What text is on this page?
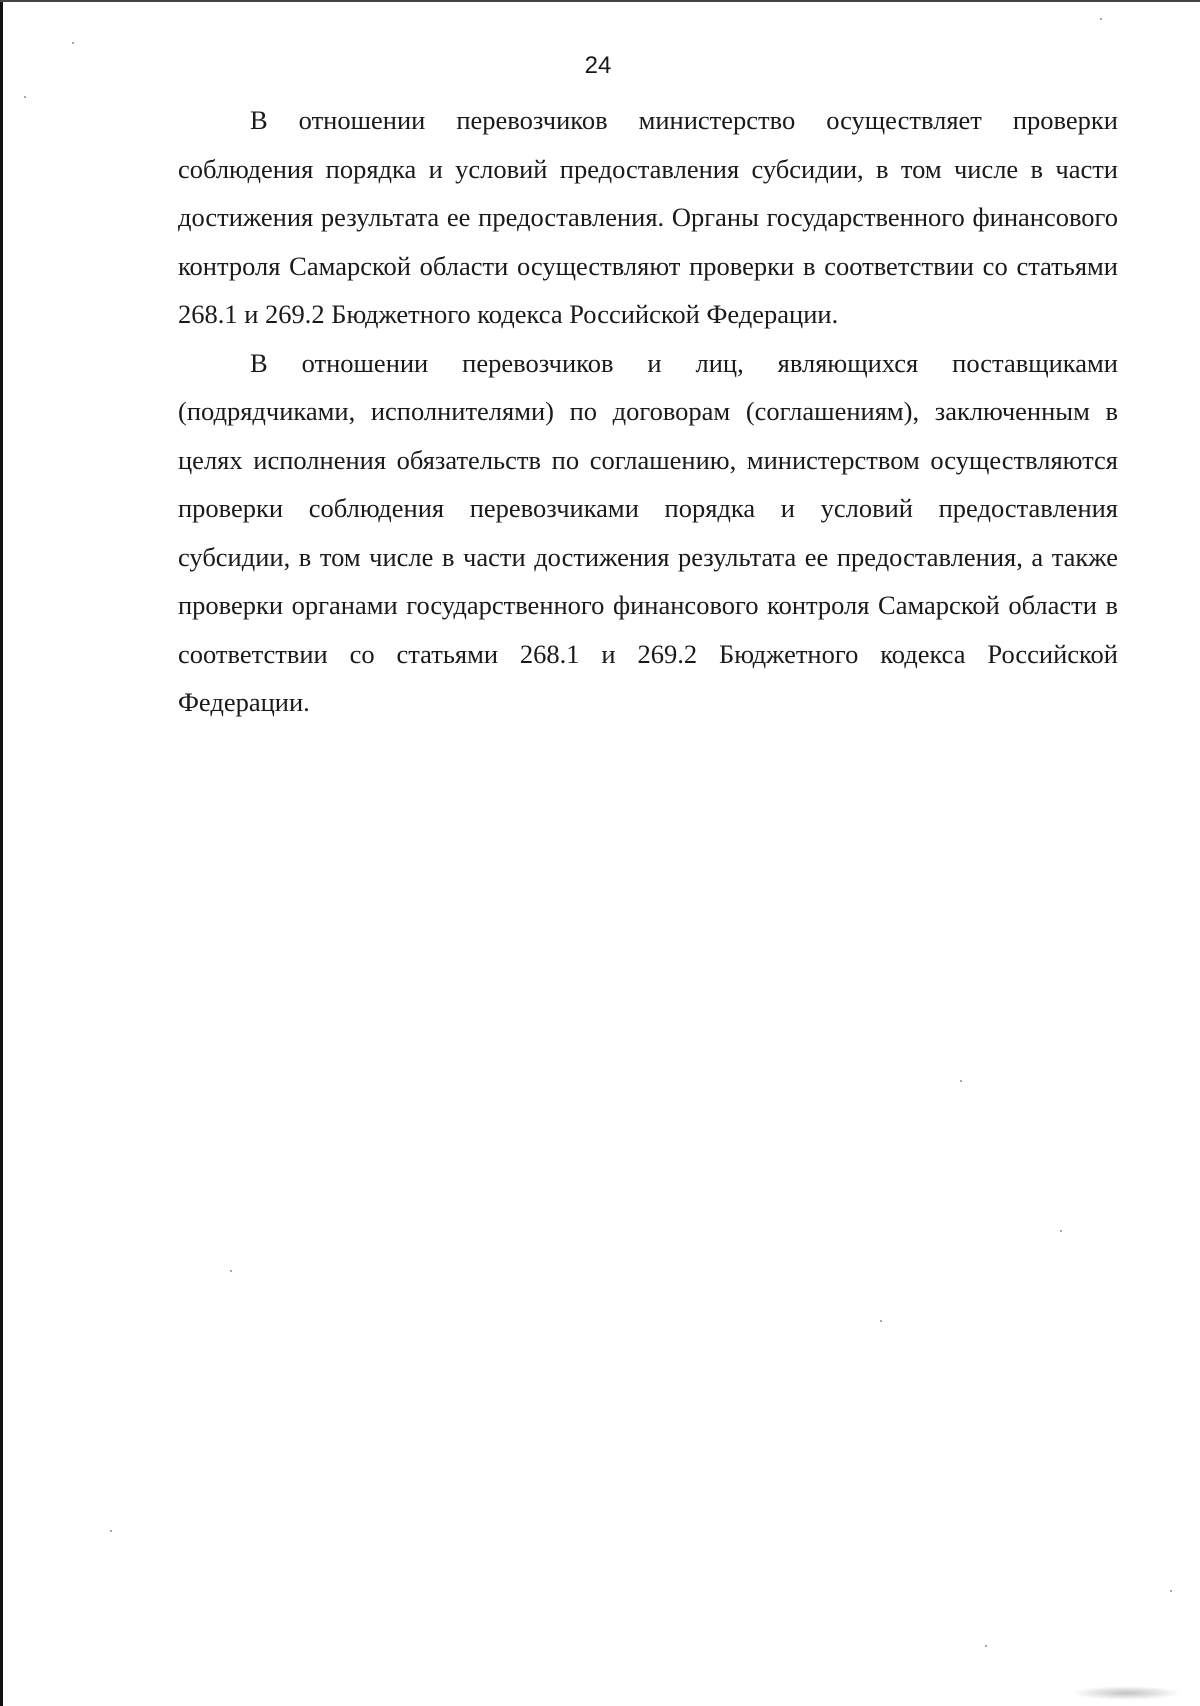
24

В отношении перевозчиков министерство осуществляет проверки соблюдения порядка и условий предоставления субсидии, в том числе в части достижения результата ее предоставления. Органы государственного финансового контроля Самарской области осуществляют проверки в соответствии со статьями 268.1 и 269.2 Бюджетного кодекса Российской Федерации.

В отношении перевозчиков и лиц, являющихся поставщиками (подрядчиками, исполнителями) по договорам (соглашениям), заключенным в целях исполнения обязательств по соглашению, министерством осуществляются проверки соблюдения перевозчиками порядка и условий предоставления субсидии, в том числе в части достижения результата ее предоставления, а также проверки органами государственного финансового контроля Самарской области в соответствии со статьями 268.1 и 269.2 Бюджетного кодекса Российской Федерации.
